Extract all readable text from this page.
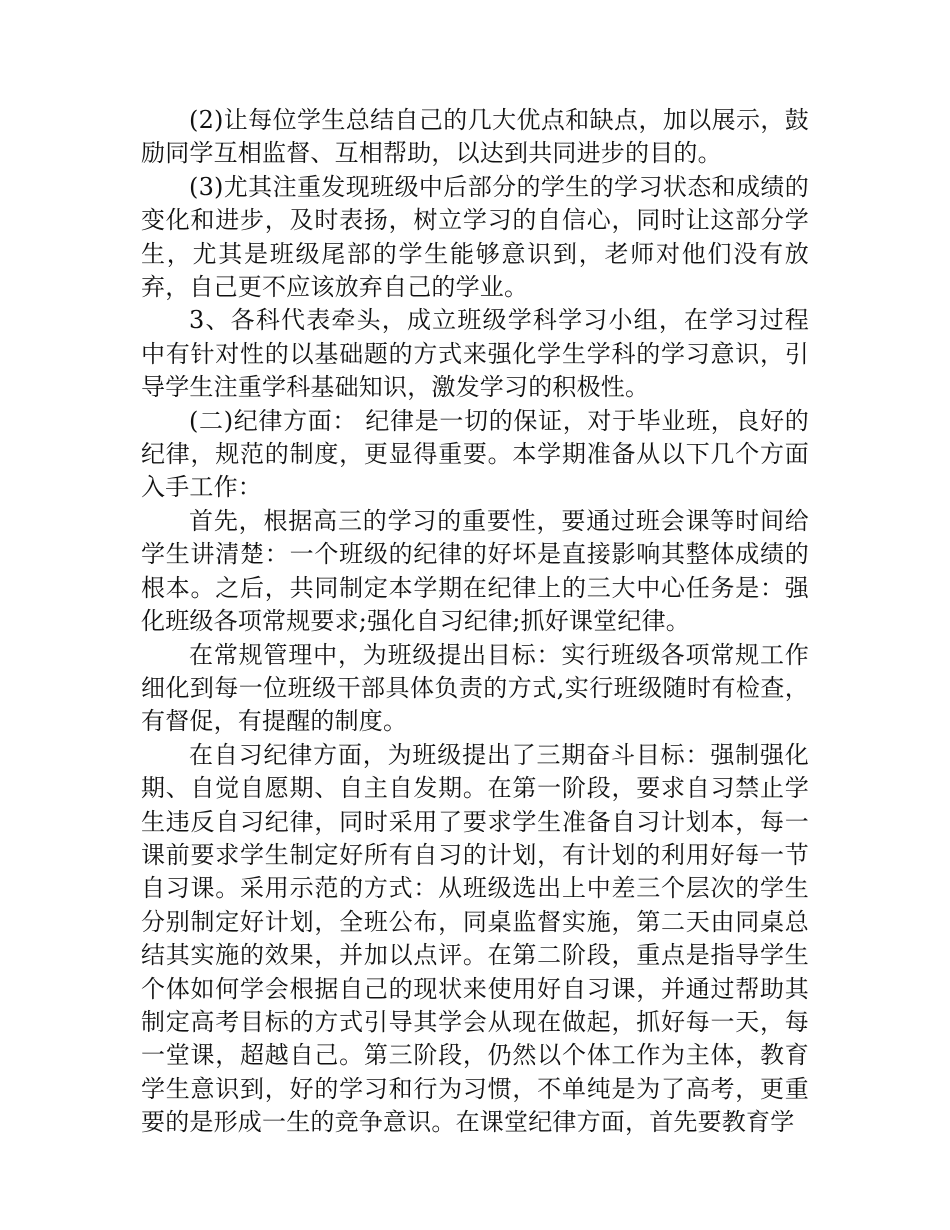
(2)让每位学生总结自己的几大优点和缺点，加以展示，鼓励同学互相监督、互相帮助，以达到共同进步的目的。

(3)尤其注重发现班级中后部分的学生的学习状态和成绩的变化和进步，及时表扬，树立学习的自信心，同时让这部分学生，尤其是班级尾部的学生能够意识到，老师对他们没有放弃，自己更不应该放弃自己的学业。

3、各科代表牵头，成立班级学科学习小组，在学习过程中有针对性的以基础题的方式来强化学生学科的学习意识，引导学生注重学科基础知识，激发学习的积极性。

(二)纪律方面： 纪律是一切的保证，对于毕业班，良好的纪律，规范的制度，更显得重要。本学期准备从以下几个方面入手工作：

首先，根据高三的学习的重要性，要通过班会课等时间给学生讲清楚：一个班级的纪律的好坏是直接影响其整体成绩的根本。之后，共同制定本学期在纪律上的三大中心任务是：强化班级各项常规要求;强化自习纪律;抓好课堂纪律。

在常规管理中，为班级提出目标：实行班级各项常规工作细化到每一位班级干部具体负责的方式,实行班级随时有检查，有督促，有提醒的制度。

在自习纪律方面，为班级提出了三期奋斗目标：强制强化期、自觉自愿期、自主自发期。在第一阶段，要求自习禁止学生违反自习纪律，同时采用了要求学生准备自习计划本，每一课前要求学生制定好所有自习的计划，有计划的利用好每一节自习课。采用示范的方式：从班级选出上中差三个层次的学生分别制定好计划，全班公布，同桌监督实施，第二天由同桌总结其实施的效果，并加以点评。在第二阶段，重点是指导学生个体如何学会根据自己的现状来使用好自习课，并通过帮助其制定高考目标的方式引导其学会从现在做起，抓好每一天，每一堂课，超越自己。第三阶段，仍然以个体工作为主体，教育学生意识到，好的学习和行为习惯，不单纯是为了高考，更重要的是形成一生的竞争意识。在课堂纪律方面，首先要教育学
